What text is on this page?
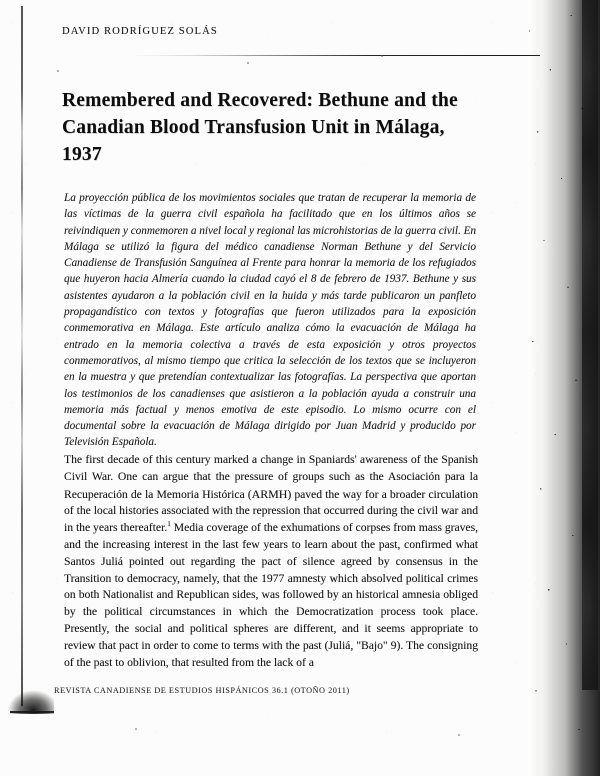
DAVID RODRÍGUEZ SOLÁS
Remembered and Recovered: Bethune and the Canadian Blood Transfusion Unit in Málaga, 1937
La proyección pública de los movimientos sociales que tratan de recuperar la memoria de las víctimas de la guerra civil española ha facilitado que en los últimos años se reivindiquen y conmemoren a nivel local y regional las microhistorias de la guerra civil. En Málaga se utilizó la figura del médico canadiense Norman Bethune y del Servicio Canadiense de Transfusión Sanguínea al Frente para honrar la memoria de los refugiados que huyeron hacia Almería cuando la ciudad cayó el 8 de febrero de 1937. Bethune y sus asistentes ayudaron a la población civil en la huida y más tarde publicaron un panfleto propagandístico con textos y fotografías que fueron utilizados para la exposición conmemorativa en Málaga. Este artículo analiza cómo la evacuación de Málaga ha entrado en la memoria colectiva a través de esta exposición y otros proyectos conmemorativos, al mismo tiempo que critica la selección de los textos que se incluyeron en la muestra y que pretendían contextualizar las fotografías. La perspectiva que aportan los testimonios de los canadienses que asistieron a la población ayuda a construir una memoria más factual y menos emotiva de este episodio. Lo mismo ocurre con el documental sobre la evacuación de Málaga dirigido por Juan Madrid y producido por Televisión Española.
The first decade of this century marked a change in Spaniards' awareness of the Spanish Civil War. One can argue that the pressure of groups such as the Asociación para la Recuperación de la Memoria Histórica (ARMH) paved the way for a broader circulation of the local histories associated with the repression that occurred during the civil war and in the years thereafter.$^1$ Media coverage of the exhumations of corpses from mass graves, and the increasing interest in the last few years to learn about the past, confirmed what Santos Juliá pointed out regarding the pact of silence agreed by consensus in the Transition to democracy, namely, that the 1977 amnesty which absolved political crimes on both Nationalist and Republican sides, was followed by an historical amnesia obliged by the political circumstances in which the Democratization process took place. Presently, the social and political spheres are different, and it seems appropriate to review that pact in order to come to terms with the past (Juliá, "Bajo" 9). The consigning of the past to oblivion, that resulted from the lack of a
REVISTA CANADIENSE DE ESTUDIOS HISPÁNICOS 36.1 (OTOÑO 2011)
